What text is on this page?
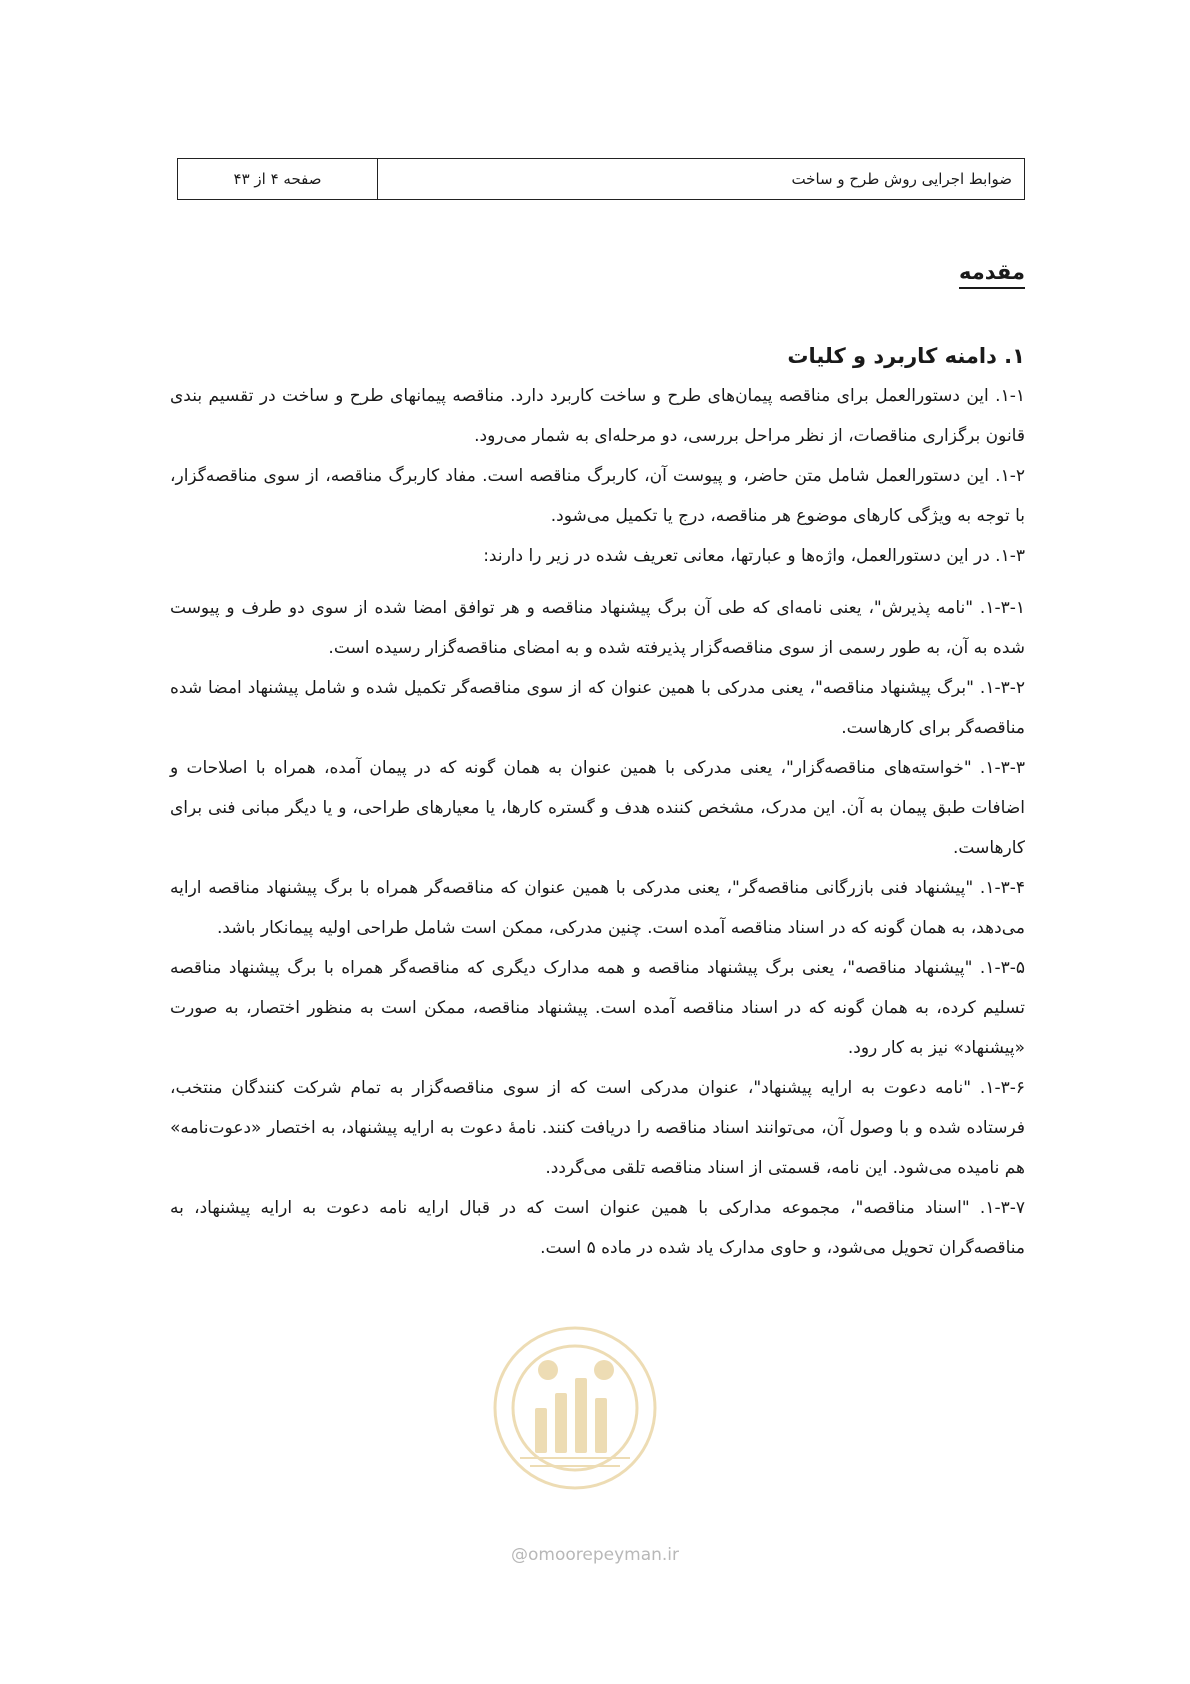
ضوابط اجرایی روش طرح و ساخت
صفحه ۴ از ۴۳
مقدمه
۱. دامنه کاربرد و کلیات

۱-۱. این دستورالعمل برای مناقصه پیمان‌های طرح و ساخت کاربرد دارد. مناقصه پیمانهای طرح و ساخت در تقسیم بندی قانون برگزاری مناقصات، از نظر مراحل بررسی، دو مرحله‌ای به شمار می‌رود.

۱-۲. این دستورالعمل شامل متن حاضر، و پیوست آن، کاربرگ مناقصه است. مفاد کاربرگ مناقصه، از سوی مناقصه‌گزار، با توجه به ویژگی کارهای موضوع هر مناقصه، درج یا تکمیل می‌شود.

۱-۳. در این دستورالعمل، واژه‌ها و عبارتها، معانی تعریف شده در زیر را دارند:

۱-۳-۱. "نامه پذیرش"، یعنی نامه‌ای که طی آن برگ پیشنهاد مناقصه و هر توافق امضا شده از سوی دو طرف و پیوست شده به آن، به طور رسمی از سوی مناقصه‌گزار پذیرفته شده و به امضای مناقصه‌گزار رسیده است.

۱-۳-۲. "برگ پیشنهاد مناقصه"، یعنی مدرکی با همین عنوان که از سوی مناقصه‌گر تکمیل شده و شامل پیشنهاد امضا شده مناقصه‌گر برای کارهاست.

۱-۳-۳. "خواسته‌های مناقصه‌گزار"، یعنی مدرکی با همین عنوان به همان گونه که در پیمان آمده، همراه با اصلاحات و اضافات طبق پیمان به آن. این مدرک، مشخص کننده هدف و گستره کارها، یا معیارهای طراحی، و یا دیگر مبانی فنی برای کارهاست.

۱-۳-۴. "پیشنهاد فنی بازرگانی مناقصه‌گر"، یعنی مدرکی با همین عنوان که مناقصه‌گر همراه با برگ پیشنهاد مناقصه ارایه می‌دهد، به همان گونه که در اسناد مناقصه آمده است. چنین مدرکی، ممکن است شامل طراحی اولیه پیمانکار باشد.

۱-۳-۵. "پیشنهاد مناقصه"، یعنی برگ پیشنهاد مناقصه و همه مدارک دیگری که مناقصه‌گر همراه با برگ پیشنهاد مناقصه تسلیم کرده، به همان گونه که در اسناد مناقصه آمده است. پیشنهاد مناقصه، ممکن است به منظور اختصار، به صورت «پیشنهاد» نیز به کار رود.

۱-۳-۶. "نامه دعوت به ارایه پیشنهاد"، عنوان مدرکی است که از سوی مناقصه‌گزار به تمام شرکت کنندگان منتخب، فرستاده شده و با وصول آن، می‌توانند اسناد مناقصه را دریافت کنند. نامهٔ دعوت به ارایه پیشنهاد، به اختصار «دعوت‌نامه» هم نامیده می‌شود. این نامه، قسمتی از اسناد مناقصه تلقی می‌گردد.

۱-۳-۷. "اسناد مناقصه"، مجموعه مدارکی با همین عنوان است که در قبال ارایه نامه دعوت به ارایه پیشنهاد، به مناقصه‌گران تحویل می‌شود، و حاوی مدارک یاد شده در ماده ۵ است.

@omoorepeyman.ir
